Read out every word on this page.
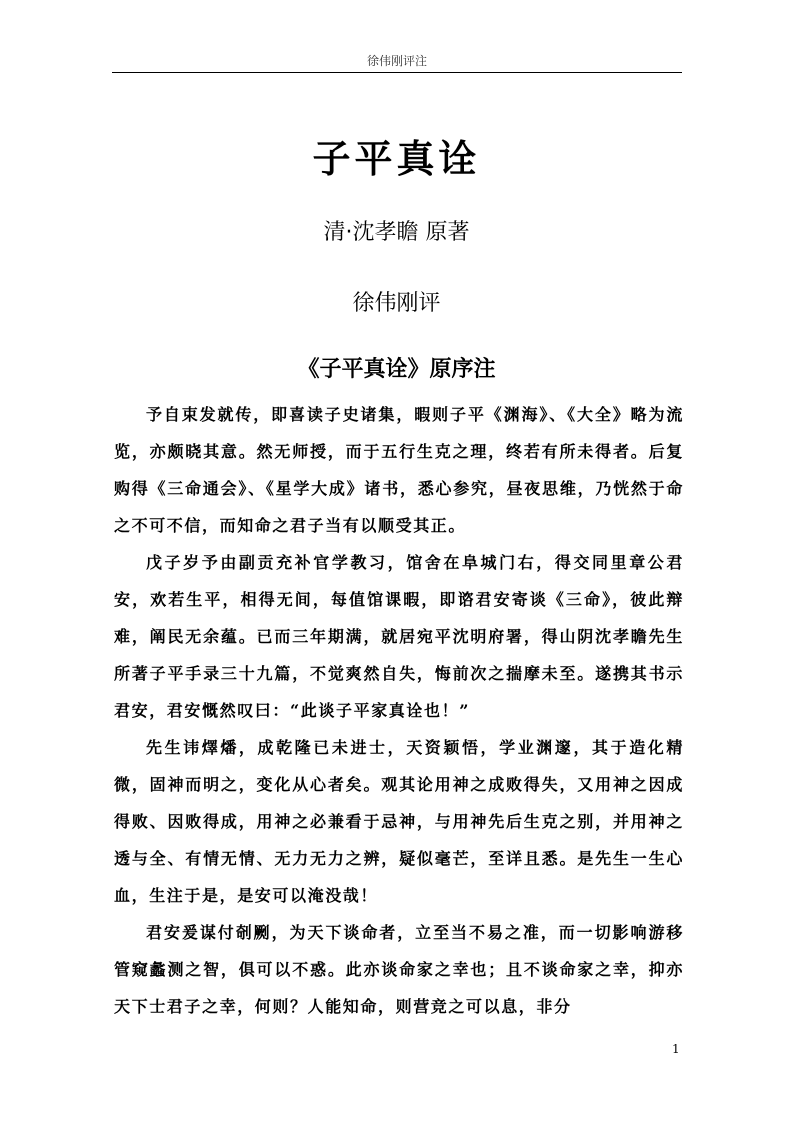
徐伟刚评注
子平真诠
清·沈孝瞻 原著
徐伟刚评
《子平真诠》原序注

予自束发就传，即喜读子史诸集，暇则子平《渊海》、《大全》略为流览，亦颇晓其意。然无师授，而于五行生克之理，终若有所未得者。后复购得《三命通会》、《星学大成》诸书，悉心参究，昼夜思维，乃恍然于命之不可不信，而知命之君子当有以顺受其正。

戊子岁予由副贡充补官学教习，馆舍在阜城门右，得交同里章公君安，欢若生平，相得无间，每值馆课暇，即谘君安寄谈《三命》，彼此辩难，阐民无余蕴。已而三年期满，就居宛平沈明府署，得山阴沈孝瞻先生所著子平手录三十九篇，不觉爽然自失，悔前次之揣摩未至。遂携其书示君安，君安慨然叹曰：“此谈子平家真诠也！”

先生讳燡燔，成乾隆已未进士，天资颖悟，学业渊邃，其于造化精微，固神而明之，变化从心者矣。观其论用神之成败得失，又用神之因成得败、因败得成，用神之必兼看于忌神，与用神先后生克之别，并用神之透与全、有情无情、无力无力之辨，疑似毫芒，至详且悉。是先生一生心血，生注于是，是安可以淹没哉！

君安爰谋付剞劂，为天下谈命者，立至当不易之准，而一切影响游移管窥蠡测之智，俱可以不惑。此亦谈命家之幸也；且不谈命家之幸，抑亦天下士君子之幸，何则？人能知命，则营竞之可以息，非分

1
